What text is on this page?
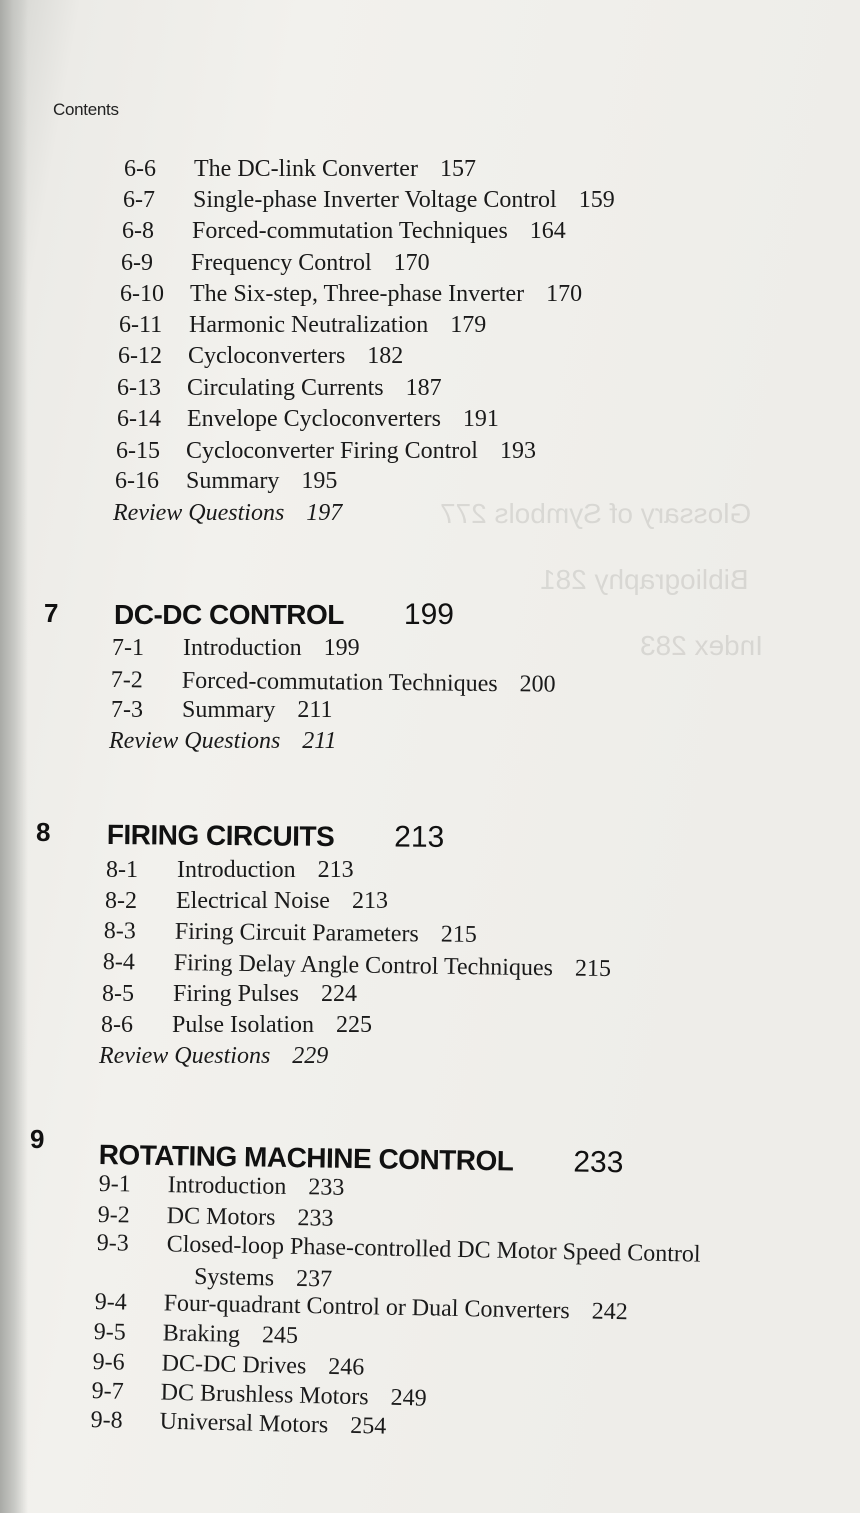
Glossary of Symbols 277
Bibliography 281
Index 283
Contents
6-6 The DC-link Converter 157
6-7 Single-phase Inverter Voltage Control 159
6-8 Forced-commutation Techniques 164
6-9 Frequency Control 170
6-10 The Six-step, Three-phase Inverter 170
6-11 Harmonic Neutralization 179
6-12 Cycloconverters 182
6-13 Circulating Currents 187
6-14 Envelope Cycloconverters 191
6-15 Cycloconverter Firing Control 193
6-16 Summary 195
Review Questions 197
7 DC-DC CONTROL 199
7-1 Introduction 199
7-2 Forced-commutation Techniques 200
7-3 Summary 211
Review Questions 211
8 FIRING CIRCUITS 213
8-1 Introduction 213
8-2 Electrical Noise 213
8-3 Firing Circuit Parameters 215
8-4 Firing Delay Angle Control Techniques 215
8-5 Firing Pulses 224
8-6 Pulse Isolation 225
Review Questions 229
9 ROTATING MACHINE CONTROL 233
9-1 Introduction 233
9-2 DC Motors 233
9-3 Closed-loop Phase-controlled DC Motor Speed Control
Systems 237
9-4 Four-quadrant Control or Dual Converters 242
9-5 Braking 245
9-6 DC-DC Drives 246
9-7 DC Brushless Motors 249
9-8 Universal Motors 254
